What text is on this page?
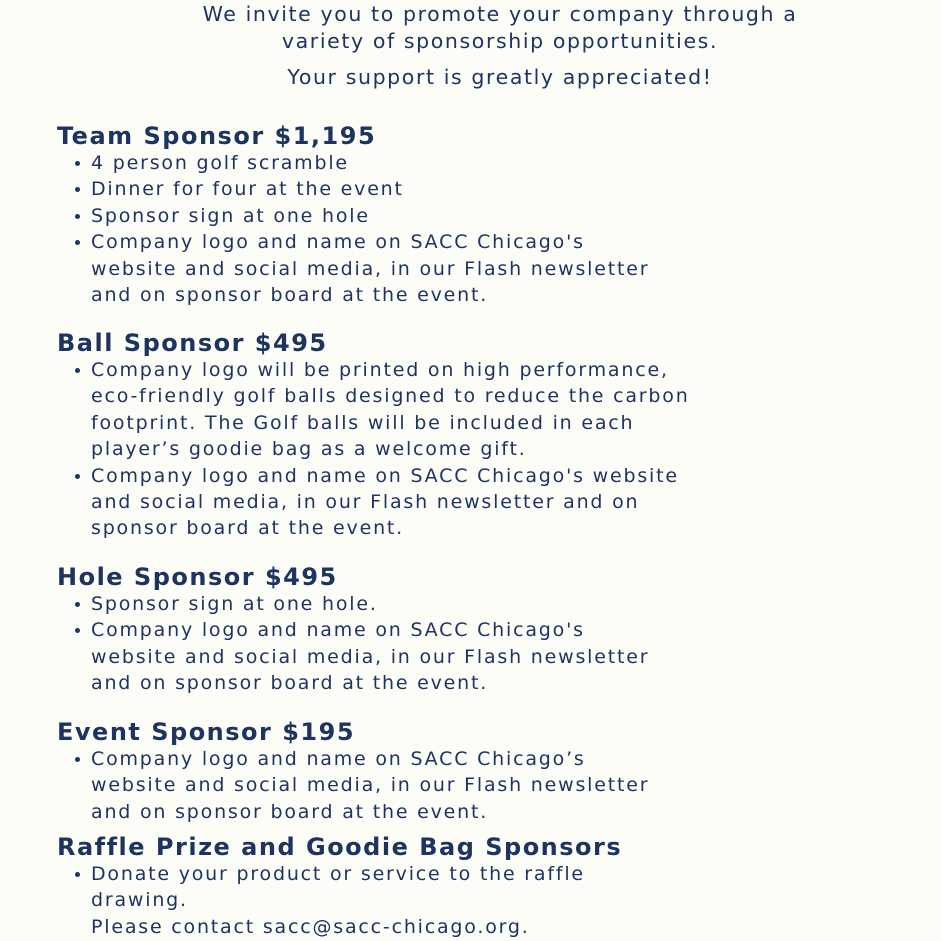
We invite you to promote your company through a
variety of sponsorship opportunities.
Your support is greatly appreciated!
Team Sponsor $1,195
4 person golf scramble
Dinner for four at the event
Sponsor sign at one hole
Company logo and name on SACC Chicago's
website and social media, in our Flash newsletter
and on sponsor board at the event.
Ball Sponsor $495
Company logo will be printed on high performance,
eco-friendly golf balls designed to reduce the carbon
footprint. The Golf balls will be included in each
player’s goodie bag as a welcome gift.
Company logo and name on SACC Chicago's website
and social media, in our Flash newsletter and on
sponsor board at the event.
Hole Sponsor $495
Sponsor sign at one hole.
Company logo and name on SACC Chicago's
website and social media, in our Flash newsletter
and on sponsor board at the event.
Event Sponsor $195
Company logo and name on SACC Chicago’s
website and social media, in our Flash newsletter
and on sponsor board at the event.
Raffle Prize and Goodie Bag Sponsors
Donate your product or service to the raffle
drawing.
Please contact sacc@sacc-chicago.org.
